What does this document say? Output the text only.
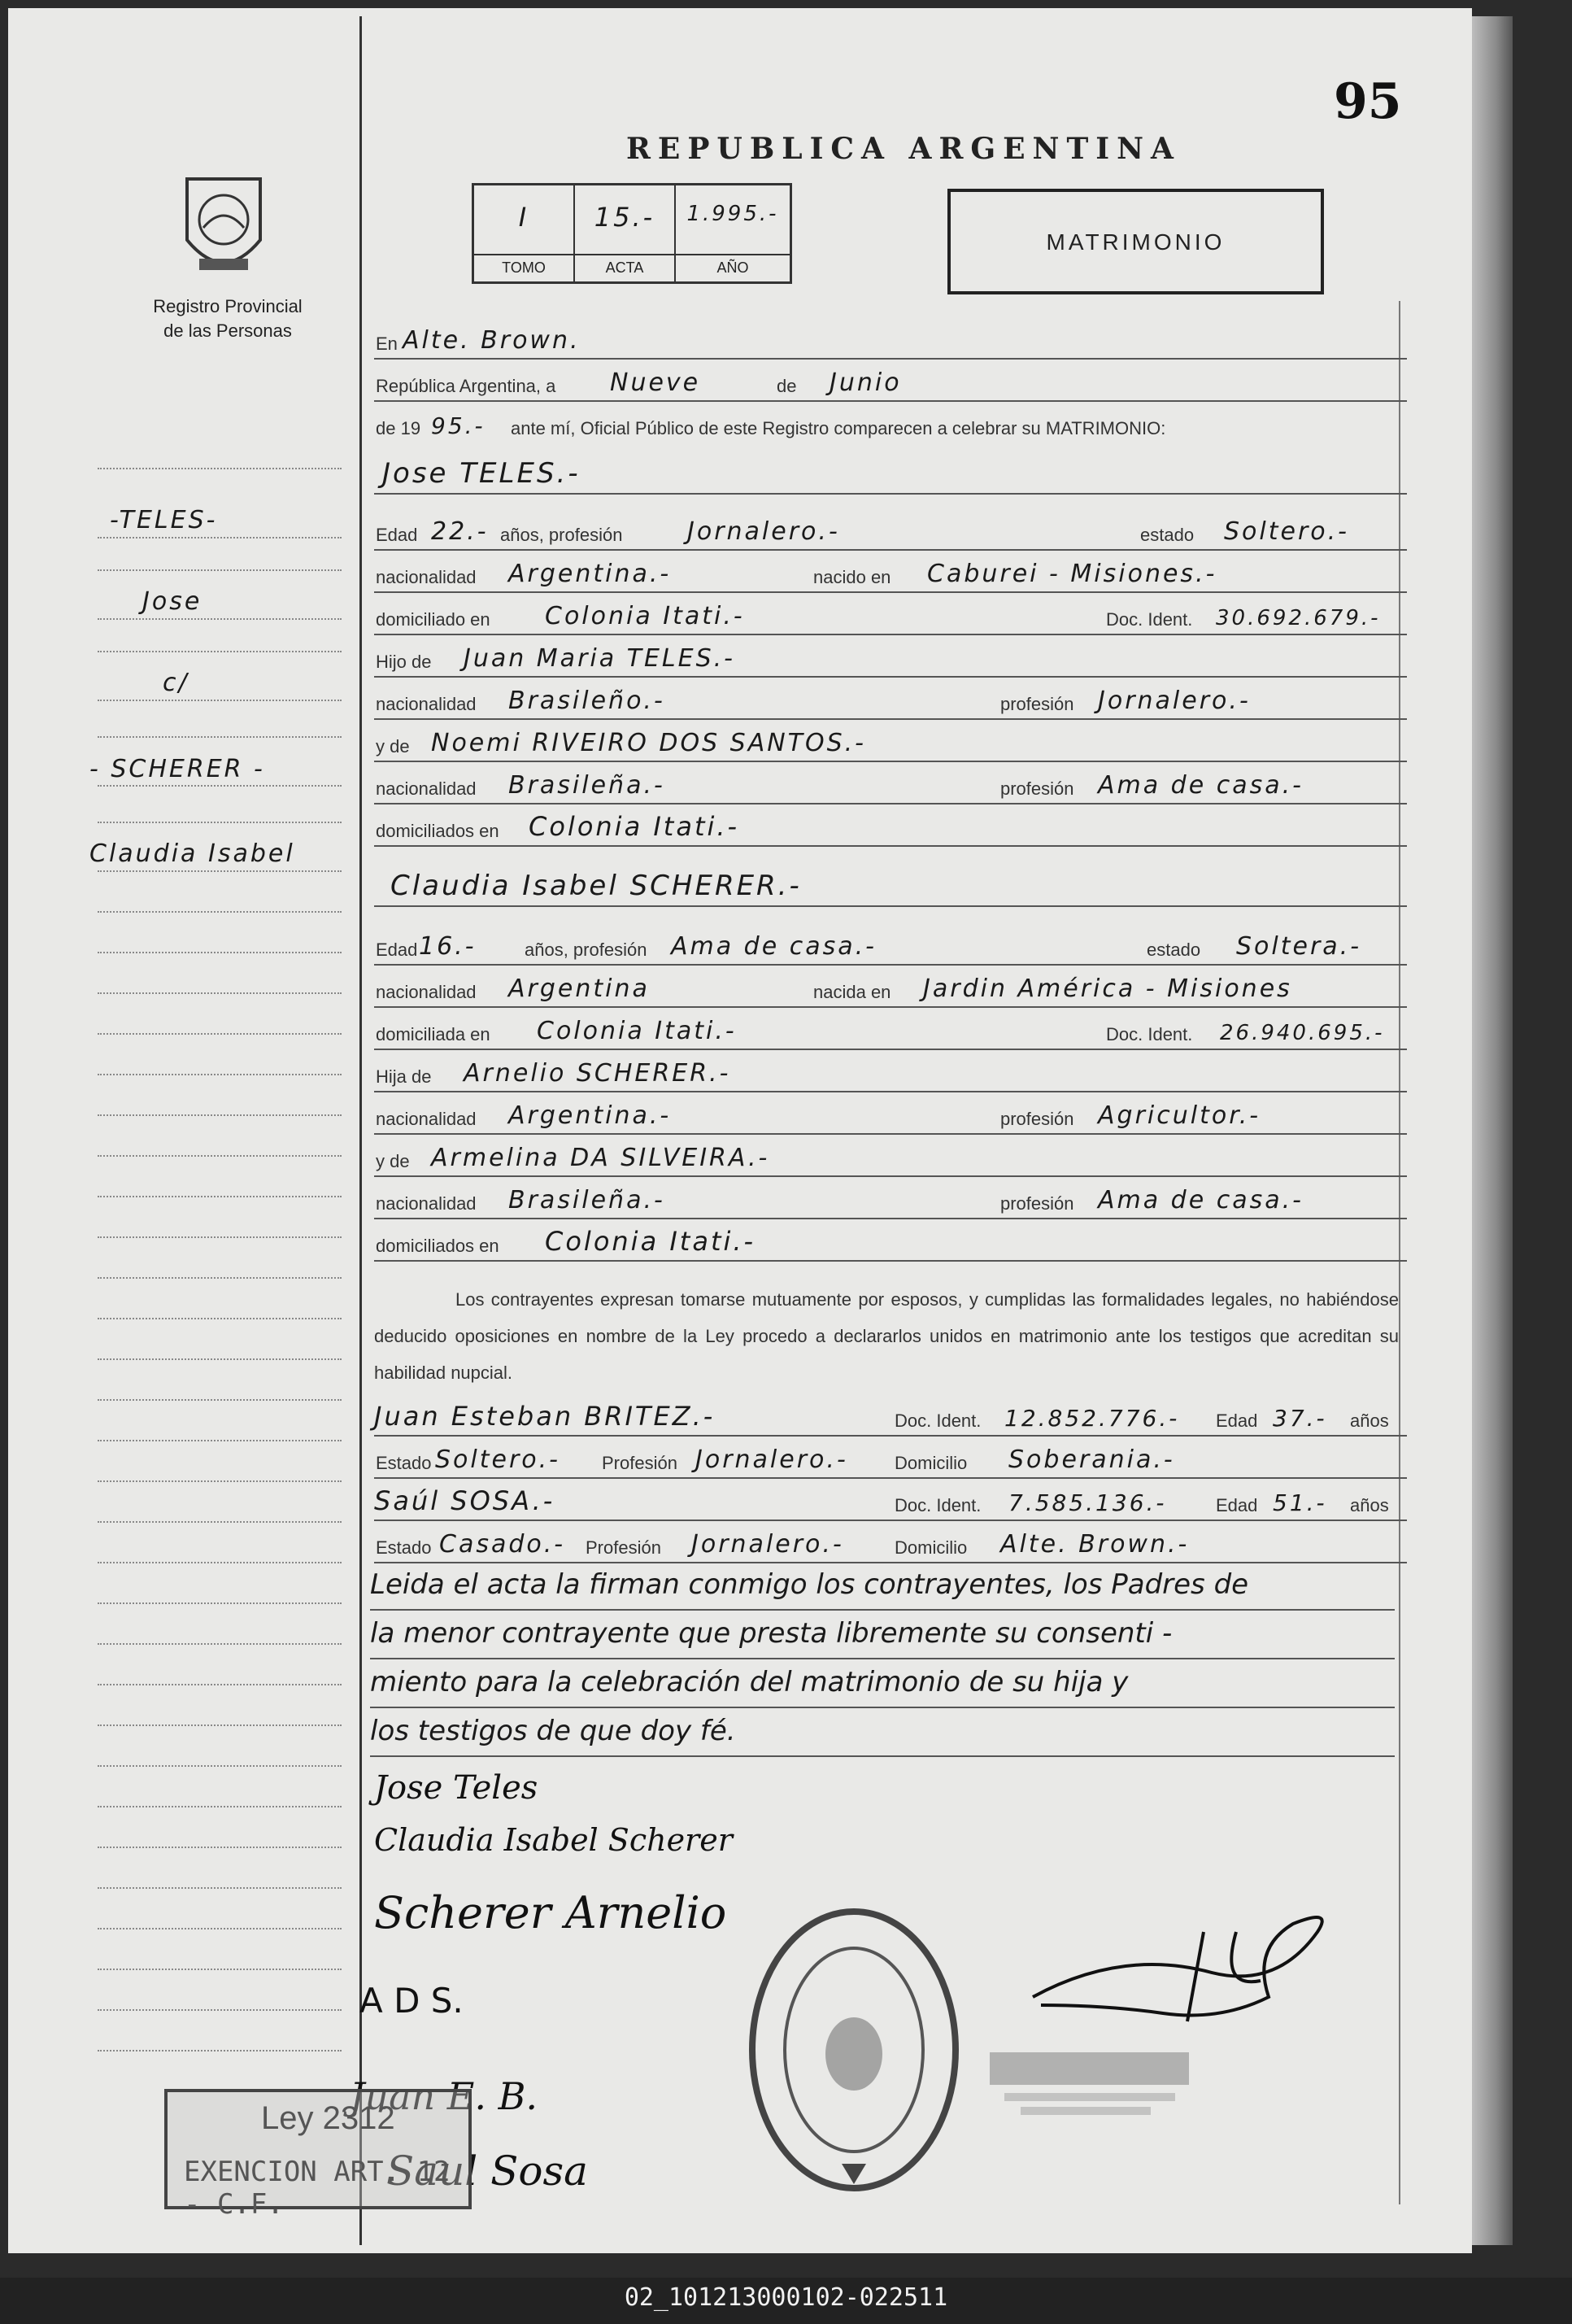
95
REPUBLICA ARGENTINA
Registro Provincial
de las Personas
I
TOMO
15.-
ACTA
1.995.-
AÑO
MATRIMONIO
-TELES-
Jose
c/
- SCHERER -
Claudia Isabel
En Alte. Brown.
República Argentina, a Nueve	de Junio
de 19 95.- ante mí, Oficial Público de este Registro comparecen a celebrar su MATRIMONIO:
Jose TELES.-
Edad 22.- años, profesión	Jornalero.-	estado Soltero.-
nacionalidad Argentina.-	nacido en Caburei - Misiones.-
domiciliado en Colonia Itati.-	Doc. Ident. 30.692.679.-
Hijo de Juan Maria TELES.-
nacionalidad Brasileño.-	profesión Jornalero.-
y de Noemi RIVEIRO DOS SANTOS.-
nacionalidad Brasileña.-	profesión Ama de casa.-
domiciliados en Colonia Itati.-
Claudia Isabel SCHERER.-
Edad 16.-	años, profesión Ama de casa.-	estado Soltera.-
nacionalidad Argentina	nacida en Jardin América - Misiones
domiciliada en Colonia Itati.-	Doc. Ident. 26.940.695.-
Hija de Arnelio SCHERER.-
nacionalidad Argentina.-	profesión Agricultor.-
y de Armelina DA SILVEIRA.-
nacionalidad Brasileña.-	profesión Ama de casa.-
domiciliados en Colonia Itati.-
Los contrayentes expresan tomarse mutuamente por esposos, y cumplidas las formalidades legales, no habiéndose deducido oposiciones en nombre de la Ley procedo a declararlos unidos en matrimonio ante los testigos que acreditan su habilidad nupcial.
Juan Esteban BRITEZ.-	Doc. Ident. 12.852.776.- Edad 37.- años
Estado Soltero.- Profesión Jornalero.-	Domicilio Soberania.-
Saúl SOSA.-	Doc. Ident. 7.585.136.-	Edad 51.- años
Estado Casado.- Profesión Jornalero.-	Domicilio Alte. Brown.-
Leida el acta la firman conmigo los contrayentes, los Padres de
la menor contrayente que presta libremente su consenti -
miento para la celebración del matrimonio de su hija y
los testigos de que doy fé.
Jose Teles
Claudia Isabel Scherer
Scherer Arnelio
A D S.
Juan E. B.
Saul Sosa
Ley 2312
EXENCION ART. 12 - C.F.
02_101213000102-022511
